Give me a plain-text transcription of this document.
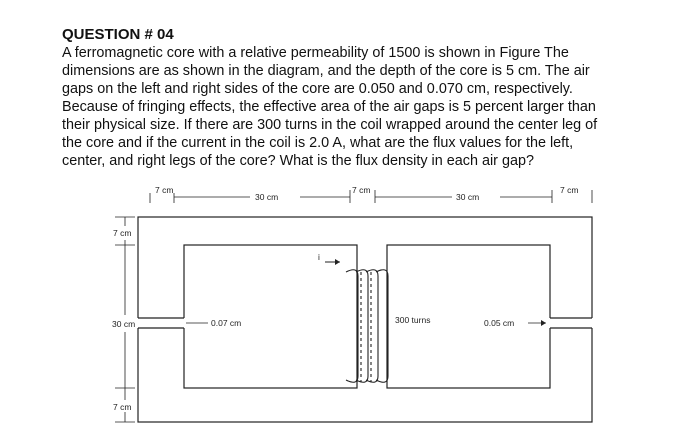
QUESTION # 04
A ferromagnetic core with a relative permeability of 1500 is shown in Figure The
dimensions are as shown in the diagram, and the depth of the core is 5 cm. The air
gaps on the left and right sides of the core are 0.050 and 0.070 cm, respectively.
Because of fringing effects, the effective area of the air gaps is 5 percent larger than
their physical size. If there are 300 turns in the coil wrapped around the center leg of
the core and if the current in the coil is 2.0 A, what are the flux values for the left,
center, and right legs of the core? What is the flux density in each air gap?
i
7 cm
30 cm
7 cm
30 cm
7 cm
7 cm
30 cm
7 cm
0.07 cm	300 turns	0.05 cm
